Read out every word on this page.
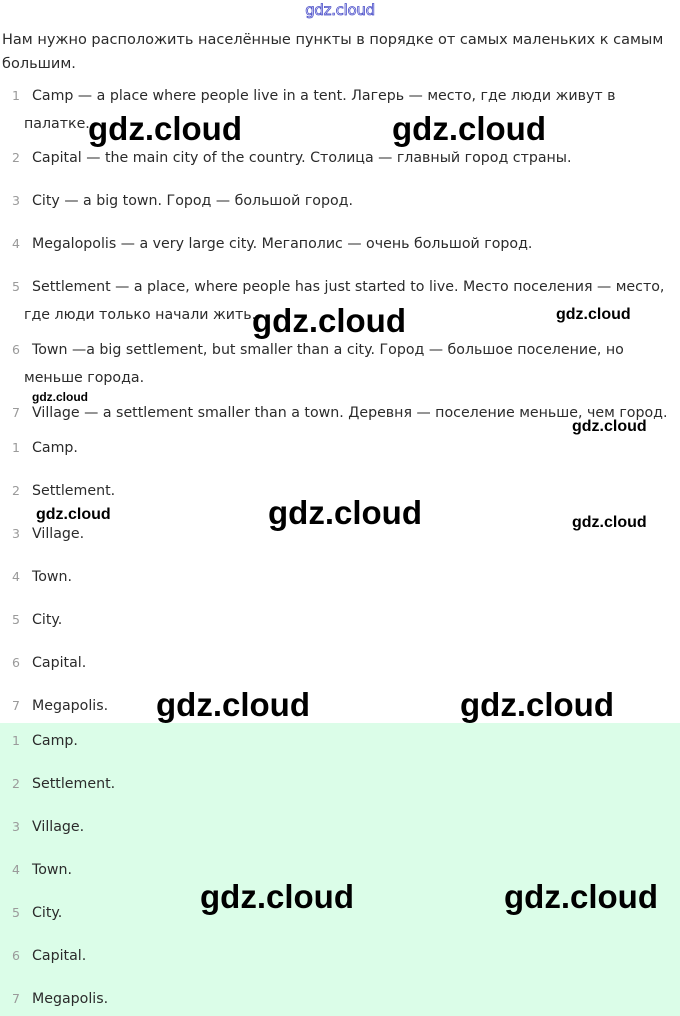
gdz.cloud
Нам нужно расположить населённые пункты в порядке от самых маленьких к самым большим.
1 Camp — a place where people live in a tent. Лагерь — место, где люди живут в палатке.
2 Capital — the main city of the country. Столица — главный город страны.
3 City — a big town. Город — большой город.
4 Megalopolis — a very large city. Мегаполис — очень большой город.
5 Settlement — a place, where people has just started to live. Место поселения — место, где люди только начали жить.
6 Town —a big settlement, but smaller than a city. Город — большое поселение, но меньше города.
7 Village — a settlement smaller than a town. Деревня — поселение меньше, чем город.
1 Camp.
2 Settlement.
3 Village.
4 Town.
5 City.
6 Capital.
7 Megapolis.
1 Camp.
2 Settlement.
3 Village.
4 Town.
5 City.
6 Capital.
7 Megapolis.
gdz.cloud	gdz.cloud
gdz.cloud	gdz.cloud
gdz.cloud
gdz.cloud
gdz.cloud	gdz.cloud	gdz.cloud
gdz.cloud	gdz.cloud
gdz.cloud	gdz.cloud
